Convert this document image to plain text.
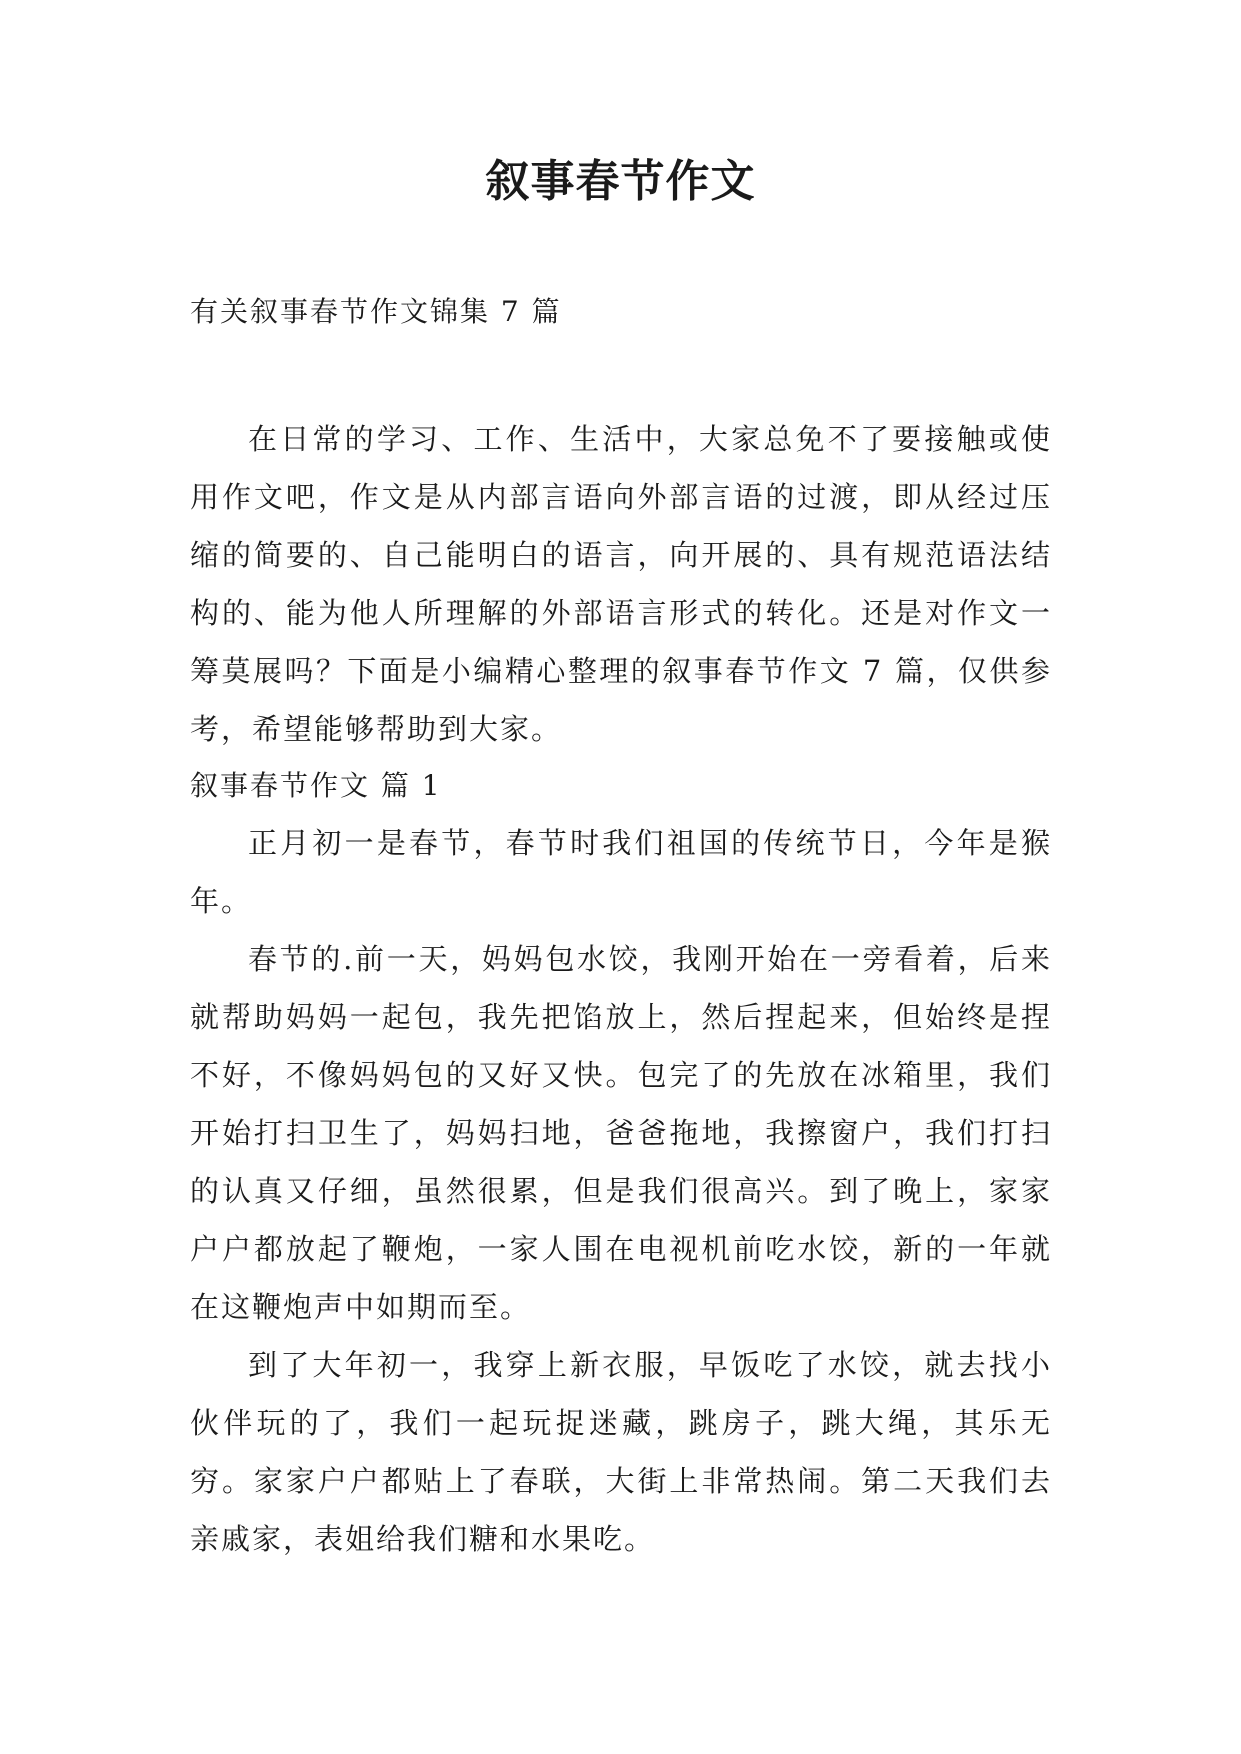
叙事春节作文
有关叙事春节作文锦集 7 篇

在日常的学习、工作、生活中，大家总免不了要接触或使用作文吧，作文是从内部言语向外部言语的过渡，即从经过压缩的简要的、自己能明白的语言，向开展的、具有规范语法结构的、能为他人所理解的外部语言形式的转化。还是对作文一筹莫展吗？下面是小编精心整理的叙事春节作文 7 篇，仅供参考，希望能够帮助到大家。

叙事春节作文 篇 1

正月初一是春节，春节时我们祖国的传统节日，今年是猴年。

春节的.前一天，妈妈包水饺，我刚开始在一旁看着，后来就帮助妈妈一起包，我先把馅放上，然后捏起来，但始终是捏不好，不像妈妈包的又好又快。包完了的先放在冰箱里，我们开始打扫卫生了，妈妈扫地，爸爸拖地，我擦窗户，我们打扫的认真又仔细，虽然很累，但是我们很高兴。到了晚上，家家户户都放起了鞭炮，一家人围在电视机前吃水饺，新的一年就在这鞭炮声中如期而至。

到了大年初一，我穿上新衣服，早饭吃了水饺，就去找小伙伴玩的了，我们一起玩捉迷藏，跳房子，跳大绳，其乐无穷。家家户户都贴上了春联，大街上非常热闹。第二天我们去亲戚家，表姐给我们糖和水果吃。
